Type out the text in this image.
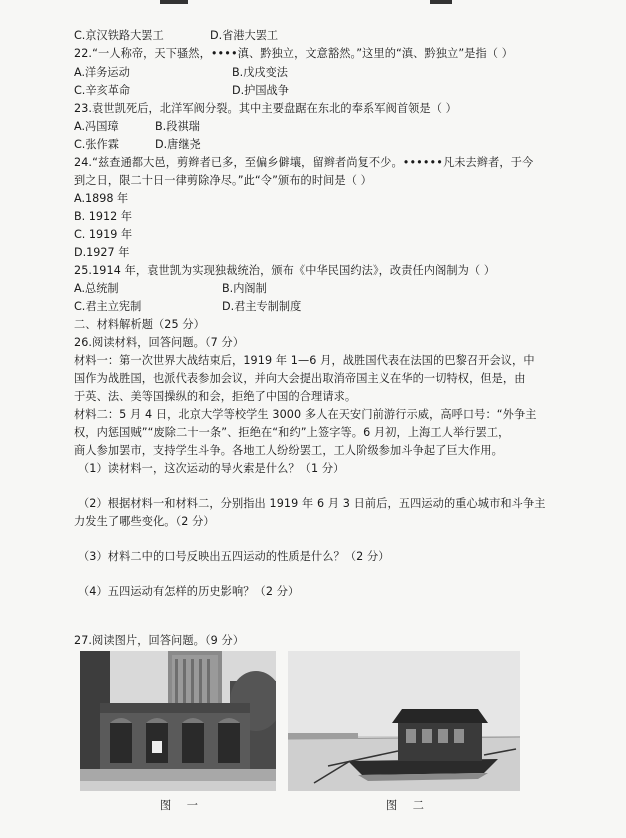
C.京汉铁路大罢工	D.省港大罢工
22.“一人称帝，天下骚然，••••滇、黔独立，文意豁然。”这里的“滇、黔独立”是指（ ）
A.洋务运动	B.戊戌变法
C.辛亥革命	D.护国战争
23.袁世凯死后，北洋军阀分裂。其中主要盘踞在东北的奉系军阀首领是（ ）
A.冯国璋	B.段祺瑞
C.张作霖	D.唐继尧
24.“兹查通都大邑，剪辫者已多，至偏乡僻壤，留辫者尚复不少。••••••凡未去辫者，于今
到之日，限二十日一律剪除净尽。”此“令”颁布的时间是（ ）
A.1898 年
B. 1912 年
C. 1919 年
D.1927 年
25.1914 年，袁世凯为实现独裁统治，颁布《中华民国约法》，改责任内阁制为（ ）
A.总统制	B.内阁制
C.君主立宪制	D.君主专制制度
二、材料解析题（25 分）
26.阅读材料，回答问题。（7 分）
材料一：第一次世界大战结束后，1919 年 1—6 月，战胜国代表在法国的巴黎召开会议，中
国作为战胜国，也派代表参加会议，并向大会提出取消帝国主义在华的一切特权，但是，由
于英、法、美等国操纵的和会，拒绝了中国的合理请求。
材料二：5 月 4 日，北京大学等校学生 3000 多人在天安门前游行示威，高呼口号：“外争主
权，内惩国贼”“废除二十一条”、拒绝在“和约”上签字等。6 月初，上海工人举行罢工，
商人参加罢市，支持学生斗争。各地工人纷纷罢工，工人阶级参加斗争起了巨大作用。
（1）读材料一，这次运动的导火索是什么？（1 分）
（2）根据材料一和材料二，分别指出 1919 年 6 月 3 日前后，五四运动的重心城市和斗争主
力发生了哪些变化。（2 分）
（3）材料二中的口号反映出五四运动的性质是什么？（2 分）
（4）五四运动有怎样的历史影响？（2 分）
27.阅读图片，回答问题。（9 分）
图 一	图 二
